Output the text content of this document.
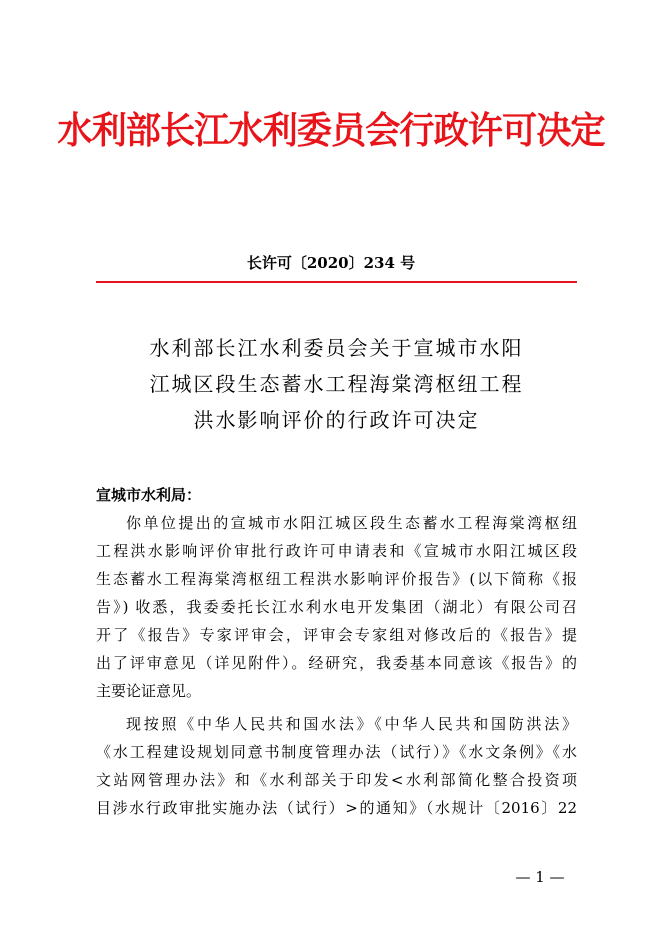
水利部长江水利委员会行政许可决定
长许可〔2020〕234 号
水利部长江水利委员会关于宣城市水阳
江城区段生态蓄水工程海棠湾枢纽工程
洪水影响评价的行政许可决定
宣城市水利局：
你单位提出的宣城市水阳江城区段生态蓄水工程海棠湾枢纽
工程洪水影响评价审批行政许可申请表和《宣城市水阳江城区段
生态蓄水工程海棠湾枢纽工程洪水影响评价报告》(以下简称《报
告》) 收悉，我委委托长江水利水电开发集团（湖北）有限公司召
开了《报告》专家评审会，评审会专家组对修改后的《报告》提
出了评审意见（详见附件）。经研究，我委基本同意该《报告》的
主要论证意见。
现按照《中华人民共和国水法》《中华人民共和国防洪法》
《水工程建设规划同意书制度管理办法（试行）》《水文条例》《水
文站网管理办法》和《水利部关于印发<水利部简化整合投资项
目涉水行政审批实施办法（试行）>的通知》（水规计〔2016〕22
— 1 —
